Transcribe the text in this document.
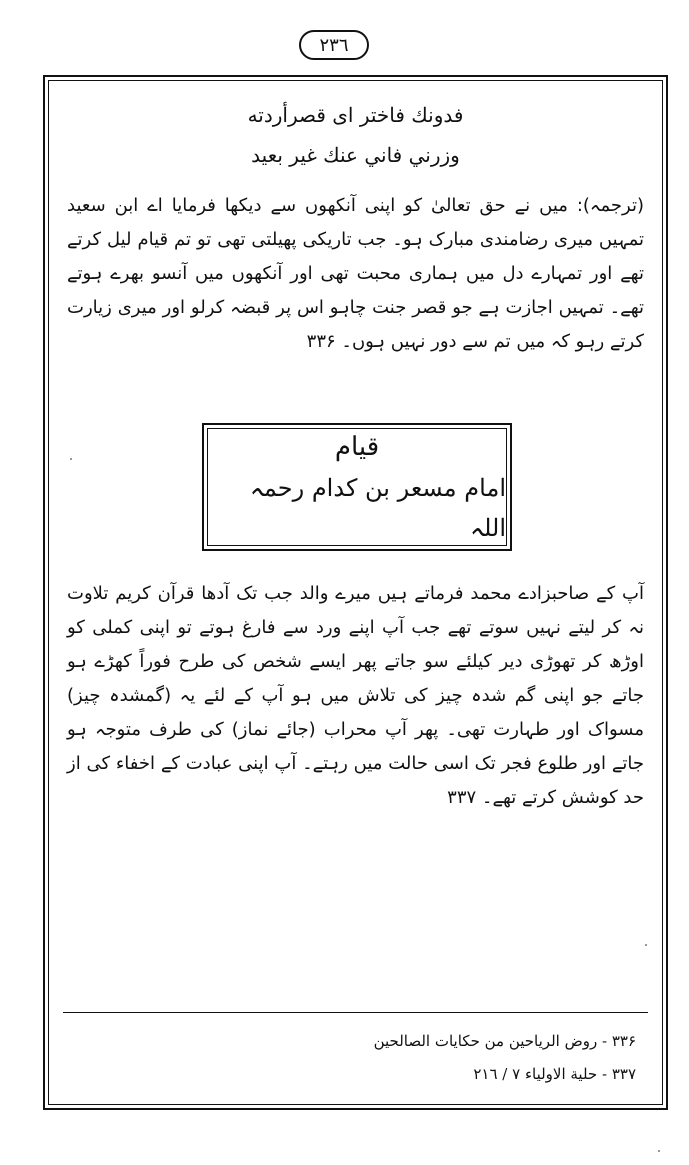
٢٣٦
فدونك فاختر اى قصرأردته
وزرني فاني عنك غير بعيد
(ترجمہ): میں نے حق تعالیٰ کو اپنی آنکھوں سے دیکھا فرمایا اے ابن سعید تمہیں میری رضامندی مبارک ہو۔ جب تاریکی پھیلتی تھی تو تم قیام لیل کرتے تھے اور تمہارے دل میں ہماری محبت تھی اور آنکھوں میں آنسو بھرے ہوتے تھے۔ تمہیں اجازت ہے جو قصر جنت چاہو اس پر قبضہ کرلو اور میری زیارت کرتے رہو کہ میں تم سے دور نہیں ہوں۔ ۳۳۶
قیام
امام مسعر بن کدام رحمہ اللہ
آپ کے صاحبزادے محمد فرماتے ہیں میرے والد جب تک آدھا قرآن کریم تلاوت نہ کر لیتے نہیں سوتے تھے جب آپ اپنے ورد سے فارغ ہوتے تو اپنی کملی کو اوڑھ کر تھوڑی دیر کیلئے سو جاتے پھر ایسے شخص کی طرح فوراً کھڑے ہو جاتے جو اپنی گم شدہ چیز کی تلاش میں ہو آپ کے لئے یہ (گمشدہ چیز) مسواک اور طہارت تھی۔ پھر آپ محراب (جائے نماز) کی طرف متوجہ ہو جاتے اور طلوع فجر تک اسی حالت میں رہتے۔ آپ اپنی عبادت کے اخفاء کی از حد کوشش کرتے تھے۔ ۳۳۷
۳۳۶ - روض الرياحين من حكايات الصالحين
۳۳۷ - حلية الاولياء ٧ / ٢١٦
